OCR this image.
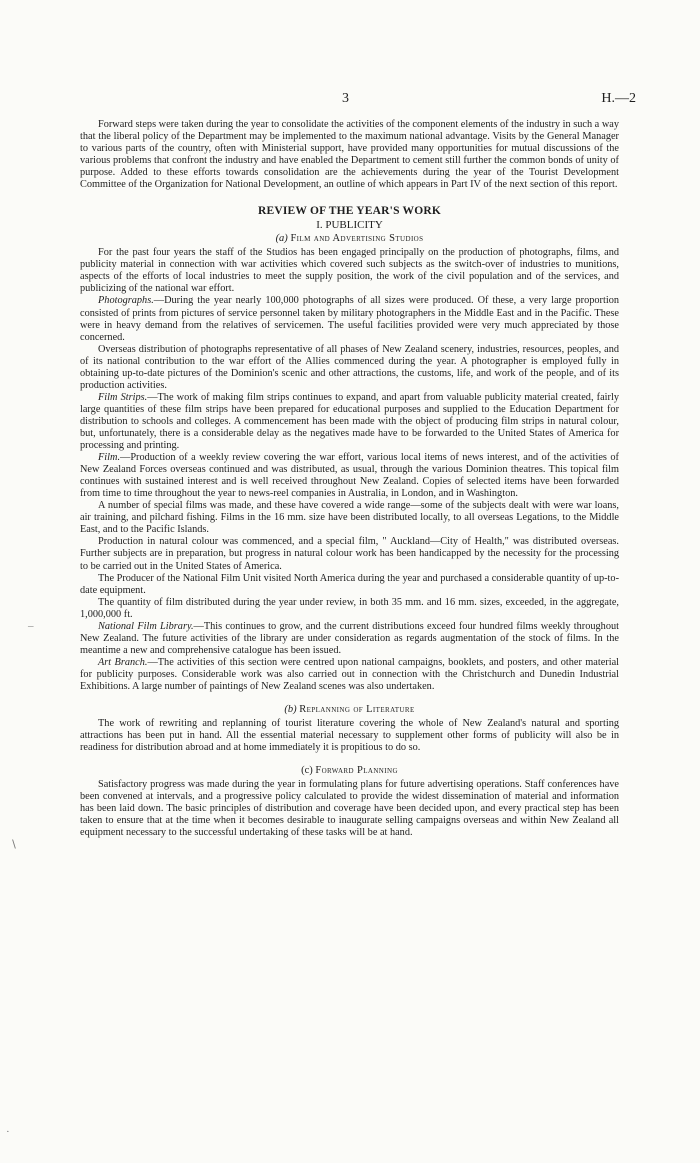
3	H.—2
–
∖
·

Forward steps were taken during the year to consolidate the activities of the component elements of the industry in such a way that the liberal policy of the Department may be implemented to the maximum national advantage. Visits by the General Manager to various parts of the country, often with Ministerial support, have provided many opportunities for mutual discussions of the various problems that confront the industry and have enabled the Department to cement still further the common bonds of unity of purpose. Added to these efforts towards consolidation are the achievements during the year of the Tourist Development Committee of the Organization for National Development, an outline of which appears in Part IV of the next section of this report.

REVIEW OF THE YEAR'S WORK
I. PUBLICITY
(a) Film and Advertising Studios

For the past four years the staff of the Studios has been engaged principally on the production of photographs, films, and publicity material in connection with war activities which covered such subjects as the switch-over of industries to munitions, aspects of the efforts of local industries to meet the supply position, the work of the civil population and of the services, and publicizing of the national war effort.

Photographs.—During the year nearly 100,000 photographs of all sizes were produced. Of these, a very large proportion consisted of prints from pictures of service personnel taken by military photographers in the Middle East and in the Pacific. These were in heavy demand from the relatives of servicemen. The useful facilities provided were very much appreciated by those concerned.

Overseas distribution of photographs representative of all phases of New Zealand scenery, industries, resources, peoples, and of its national contribution to the war effort of the Allies commenced during the year. A photographer is employed fully in obtaining up-to-date pictures of the Dominion's scenic and other attractions, the customs, life, and work of the people, and of its production activities.

Film Strips.—The work of making film strips continues to expand, and apart from valuable publicity material created, fairly large quantities of these film strips have been prepared for educational purposes and supplied to the Education Department for distribution to schools and colleges. A commencement has been made with the object of producing film strips in natural colour, but, unfortunately, there is a considerable delay as the negatives made have to be forwarded to the United States of America for processing and printing.

Film.—Production of a weekly review covering the war effort, various local items of news interest, and of the activities of New Zealand Forces overseas continued and was distributed, as usual, through the various Dominion theatres. This topical film continues with sustained interest and is well received throughout New Zealand. Copies of selected items have been forwarded from time to time throughout the year to news-reel companies in Australia, in London, and in Washington.

A number of special films was made, and these have covered a wide range—some of the subjects dealt with were war loans, air training, and pilchard fishing. Films in the 16 mm. size have been distributed locally, to all overseas Legations, to the Middle East, and to the Pacific Islands.

Production in natural colour was commenced, and a special film, " Auckland—City of Health," was distributed overseas. Further subjects are in preparation, but progress in natural colour work has been handicapped by the necessity for the processing to be carried out in the United States of America.

The Producer of the National Film Unit visited North America during the year and purchased a considerable quantity of up-to-date equipment.

The quantity of film distributed during the year under review, in both 35 mm. and 16 mm. sizes, exceeded, in the aggregate, 1,000,000 ft.

National Film Library.—This continues to grow, and the current distributions exceed four hundred films weekly throughout New Zealand. The future activities of the library are under consideration as regards augmentation of the stock of films. In the meantime a new and comprehensive catalogue has been issued.

Art Branch.—The activities of this section were centred upon national campaigns, booklets, and posters, and other material for publicity purposes. Considerable work was also carried out in connection with the Christchurch and Dunedin Industrial Exhibitions. A large number of paintings of New Zealand scenes was also undertaken.

(b) Replanning of Literature

The work of rewriting and replanning of tourist literature covering the whole of New Zealand's natural and sporting attractions has been put in hand. All the essential material necessary to supplement other forms of publicity will also be in readiness for distribution abroad and at home immediately it is propitious to do so.

(c) Forward Planning

Satisfactory progress was made during the year in formulating plans for future advertising operations. Staff conferences have been convened at intervals, and a progressive policy calculated to provide the widest dissemination of material and information has been laid down. The basic principles of distribution and coverage have been decided upon, and every practical step has been taken to ensure that at the time when it becomes desirable to inaugurate selling campaigns overseas and within New Zealand all equipment necessary to the successful undertaking of these tasks will be at hand.
